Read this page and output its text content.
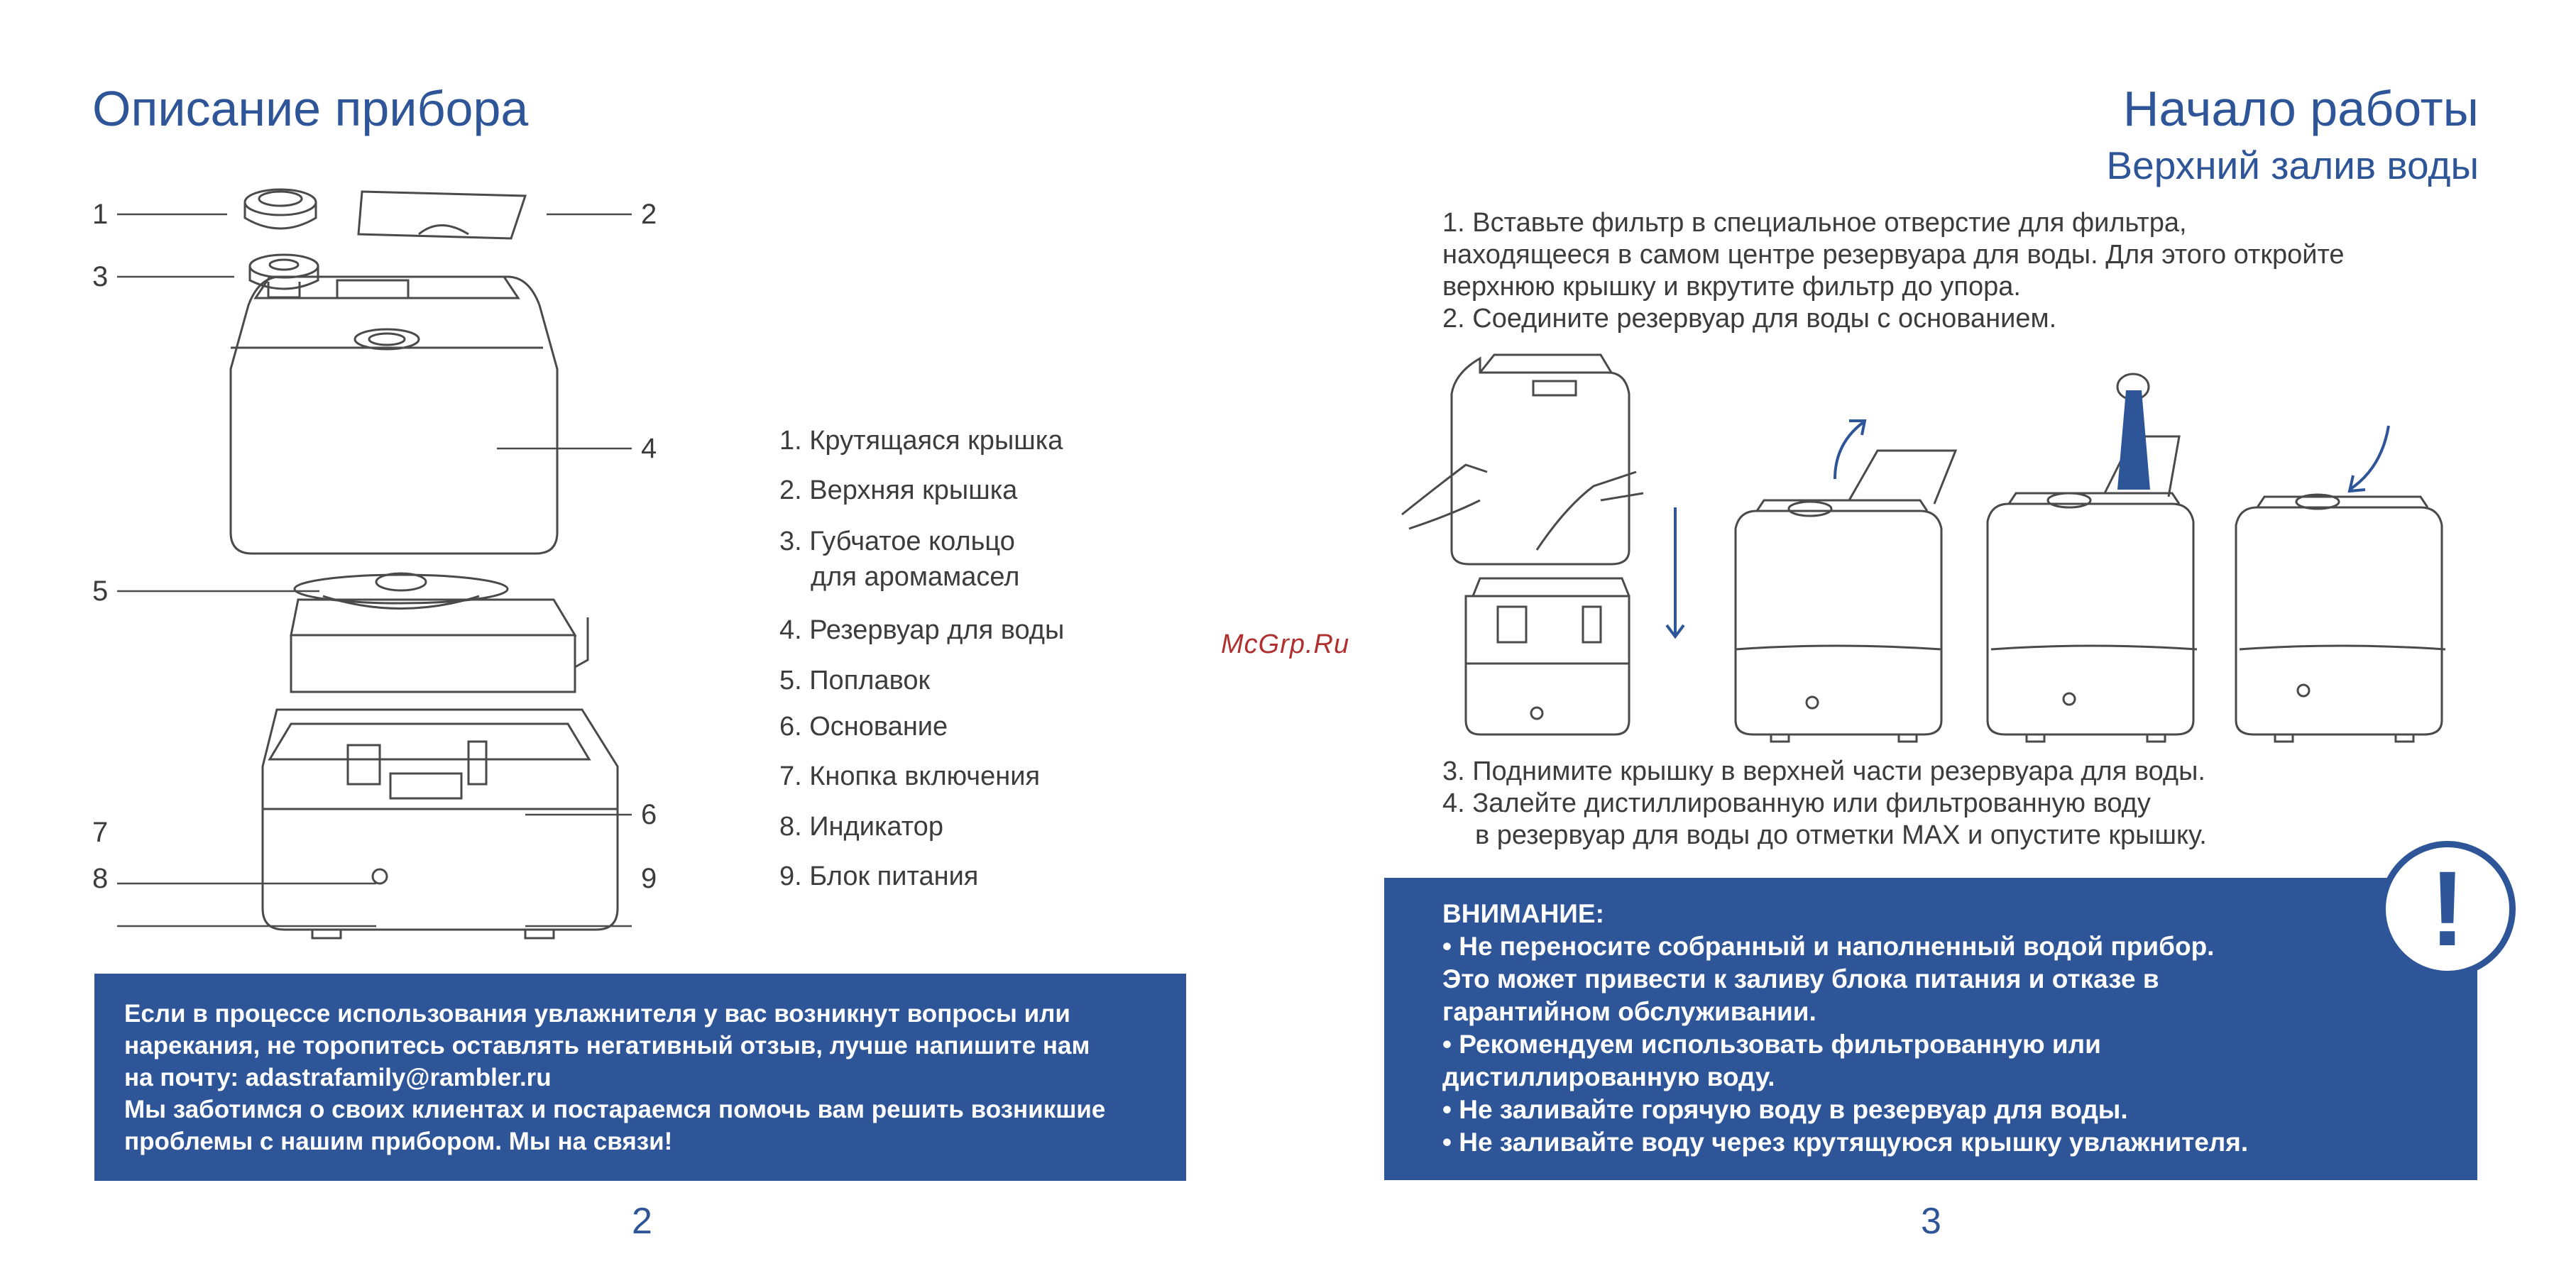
Описание прибора
1	2
3
4
5
6
7
8	9
1. Крутящаяся крышка
2. Верхняя крышка
3. Губчатое кольцо
для аромамасел
4. Резервуар для воды
5. Поплавок
6. Основание
7. Кнопка включения
8. Индикатор
9. Блок питания
Если в процессе использования увлажнителя у вас возникнут вопросы или
нарекания, не торопитесь оставлять негативный отзыв, лучше напишите нам
на почту: adastrafamily@rambler.ru
Мы заботимся о своих клиентах и постараемся помочь вам решить возникшие
проблемы с нашим прибором. Мы на связи!
2
McGrp.Ru
Начало работы
Верхний залив воды
1. Вставьте фильтр в специальное отверстие для фильтра,
находящееся в самом центре резервуара для воды. Для этого откройте
верхнюю крышку и вкрутите фильтр до упора.
2. Соедините резервуар для воды с основанием.
3. Поднимите крышку в верхней части резервуара для воды.
4. Залейте дистиллированную или фильтрованную воду
в резервуар для воды до отметки MAX и опустите крышку.
ВНИМАНИЕ:
• Не переносите собранный и наполненный водой прибор.
Это может привести к заливу блока питания и отказе в
гарантийном обслуживании.
• Рекомендуем использовать фильтрованную или
дистиллированную воду.
• Не заливайте горячую воду в резервуар для воды.
• Не заливайте воду через крутящуюся крышку увлажнителя.
!
3
